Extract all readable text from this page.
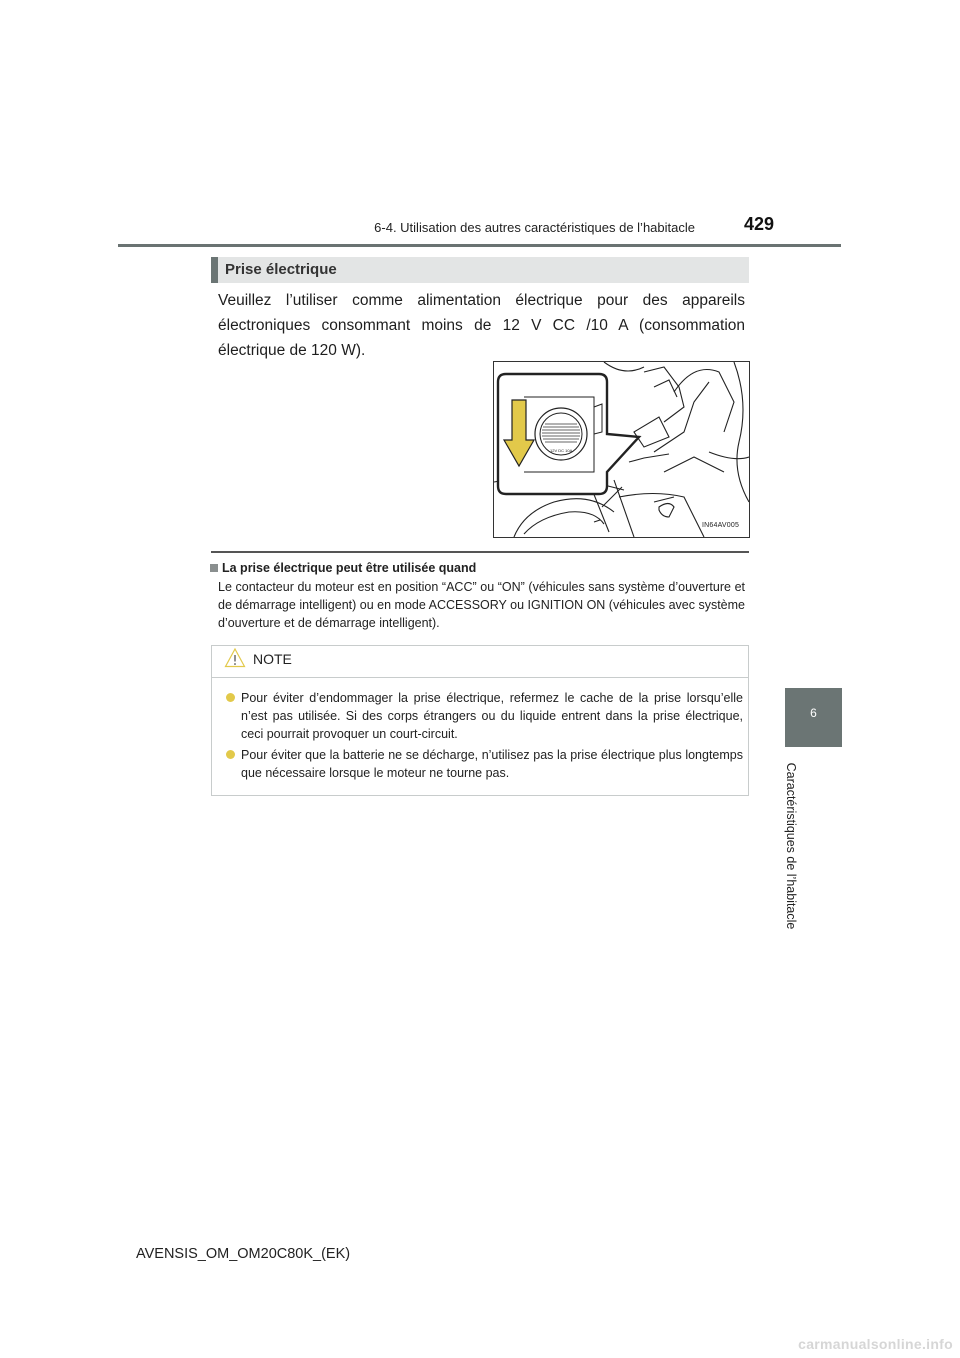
6-4. Utilisation des autres caractéristiques de l’habitacle	429
6
Caractéristiques de l’habitacle
Prise électrique
Veuillez l’utiliser comme alimentation électrique pour des appareils électroniques consommant moins de 12 V CC /10 A (consommation électrique de 120 W).
12V DC 10A
IN64AV005
La prise électrique peut être utilisée quand
Le contacteur du moteur est en position “ACC” ou “ON” (véhicules sans système d’ouverture et de démarrage intelligent) ou en mode ACCESSORY ou IGNITION ON (véhicules avec système d’ouverture et de démarrage intelligent).
NOTE
Pour éviter d’endommager la prise électrique, refermez le cache de la prise lorsqu’elle n’est pas utilisée. Si des corps étrangers ou du liquide entrent dans la prise électrique, ceci pourrait provoquer un court-circuit.
Pour éviter que la batterie ne se décharge, n’utilisez pas la prise électrique plus longtemps que nécessaire lorsque le moteur ne tourne pas.
AVENSIS_OM_OM20C80K_(EK)
carmanualsonline.info
